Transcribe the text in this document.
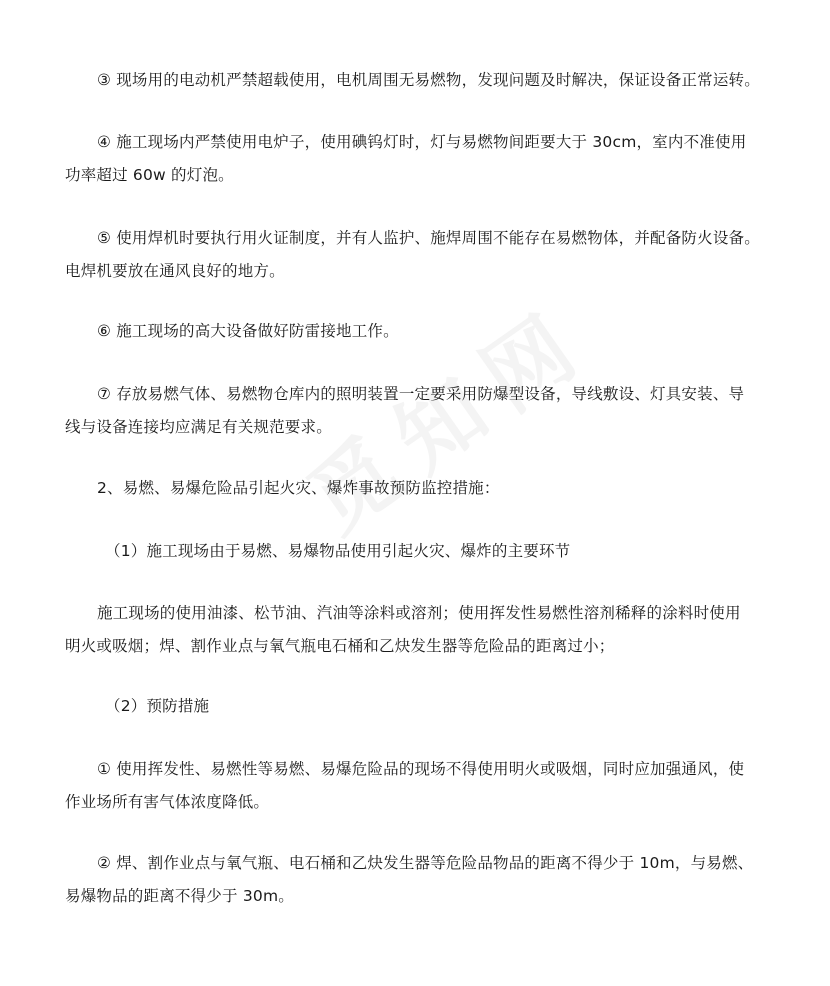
③ 现场用的电动机严禁超载使用，电机周围无易燃物，发现问题及时解决，保证设备正常运转。

④ 施工现场内严禁使用电炉子，使用碘钨灯时，灯与易燃物间距要大于 30cm，室内不准使用
功率超过 60w 的灯泡。

⑤ 使用焊机时要执行用火证制度，并有人监护、施焊周围不能存在易燃物体，并配备防火设备。
电焊机要放在通风良好的地方。

⑥ 施工现场的高大设备做好防雷接地工作。

⑦ 存放易燃气体、易燃物仓库内的照明装置一定要采用防爆型设备，导线敷设、灯具安装、导
线与设备连接均应满足有关规范要求。

2、易燃、易爆危险品引起火灾、爆炸事故预防监控措施：

（1）施工现场由于易燃、易爆物品使用引起火灾、爆炸的主要环节

施工现场的使用油漆、松节油、汽油等涂料或溶剂；使用挥发性易燃性溶剂稀释的涂料时使用
明火或吸烟；焊、割作业点与氧气瓶电石桶和乙炔发生器等危险品的距离过小；

（2）预防措施

① 使用挥发性、易燃性等易燃、易爆危险品的现场不得使用明火或吸烟，同时应加强通风，使
作业场所有害气体浓度降低。

② 焊、割作业点与氧气瓶、电石桶和乙炔发生器等危险品物品的距离不得少于 10m，与易燃、
易爆物品的距离不得少于 30m。
